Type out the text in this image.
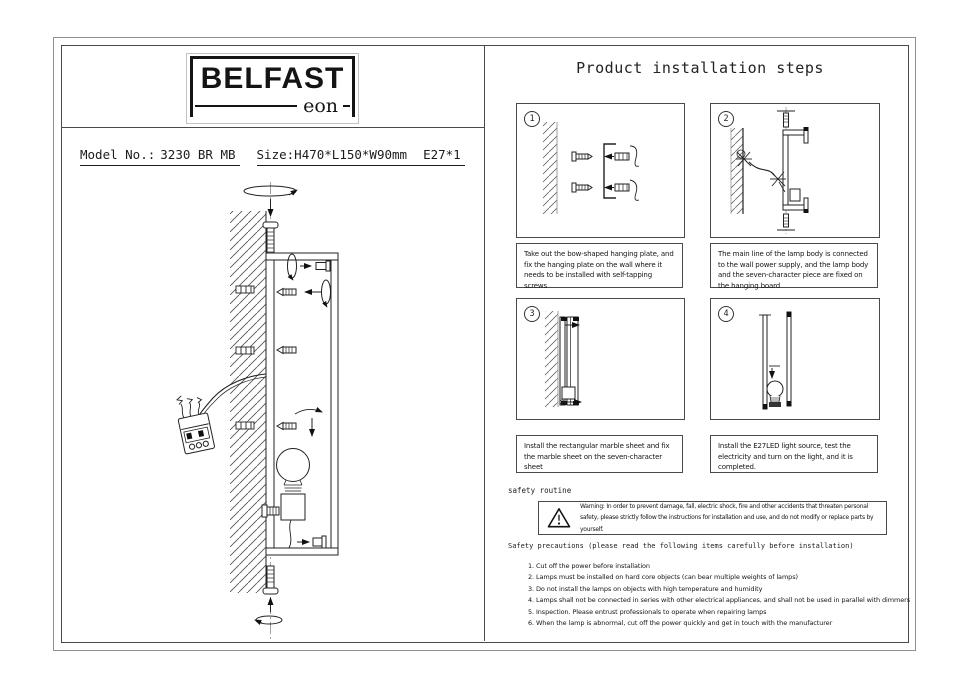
BELFAST
eon
Model No.: 3230 BR MB	Size:H470*L150*W90mm E27*1
Product installation steps
1	2
Take out the bow-shaped hanging plate, and fix the hanging plate on the wall where it needs to be installed with self-tapping screws
The main line of the lamp body is connected to the wall power supply, and the lamp body and the seven-character piece are fixed on the hanging board
3	4
Install the rectangular marble sheet and fix the marble sheet on the seven-character sheet
Install the E27LED light source, test the electricity and turn on the light, and it is completed.
safety routine
Warning: In order to prevent damage, fall, electric shock, fire and other accidents that threaten personal safety, please strictly follow the instructions for installation and use, and do not modify or replace parts by yourself.
Safety precautions (please read the following items carefully before installation)
1. Cut off the power before installation
2. Lamps must be installed on hard core objects (can bear multiple weights of lamps)
3. Do not install the lamps on objects with high temperature and humidity
4. Lamps shall not be connected in series with other electrical appliances, and shall not be used in parallel with dimmers
5. Inspection. Please entrust professionals to operate when repairing lamps
6. When the lamp is abnormal, cut off the power quickly and get in touch with the manufacturer
